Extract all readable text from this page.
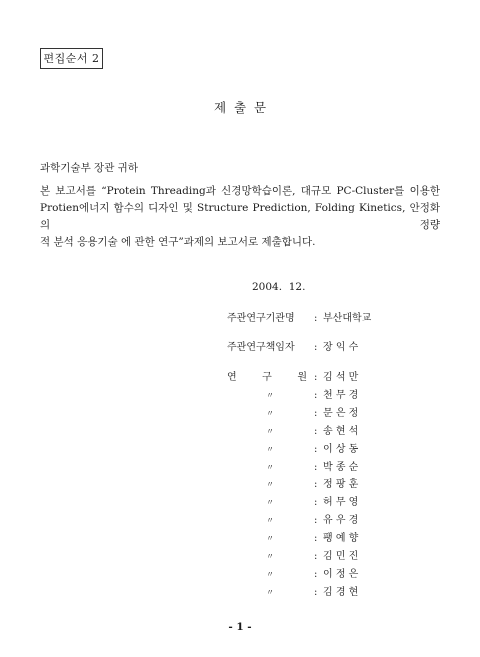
편집순서 2
제  출  문
과학기술부 장관 귀하
본 보고서를 “Protein Threading과 신경망학습이론, 대규모 PC-Cluster를 이용한
Protien에너지 함수의 디자인 및 Structure Prediction, Folding Kinetics, 안정화의 정량
적 분석 응용기술 에 관한 연구”과제의 보고서로 제출합니다.
2004.  12.
주관연구기관명	: 부산대학교
주관연구책임자	: 장 익 수
연	구	원 : 김 석 만
〃	: 천 무 경
〃	: 문 은 정
〃	: 송 현 석
〃	: 이 상 동
〃	: 박 종 순
〃	: 정 팡 훈
〃	: 허 무 영
〃	: 유 우 경
〃	: 팽 예 향
〃	: 김 민 진
〃	: 이 정 은
〃	: 김 경 현
- 1 -
